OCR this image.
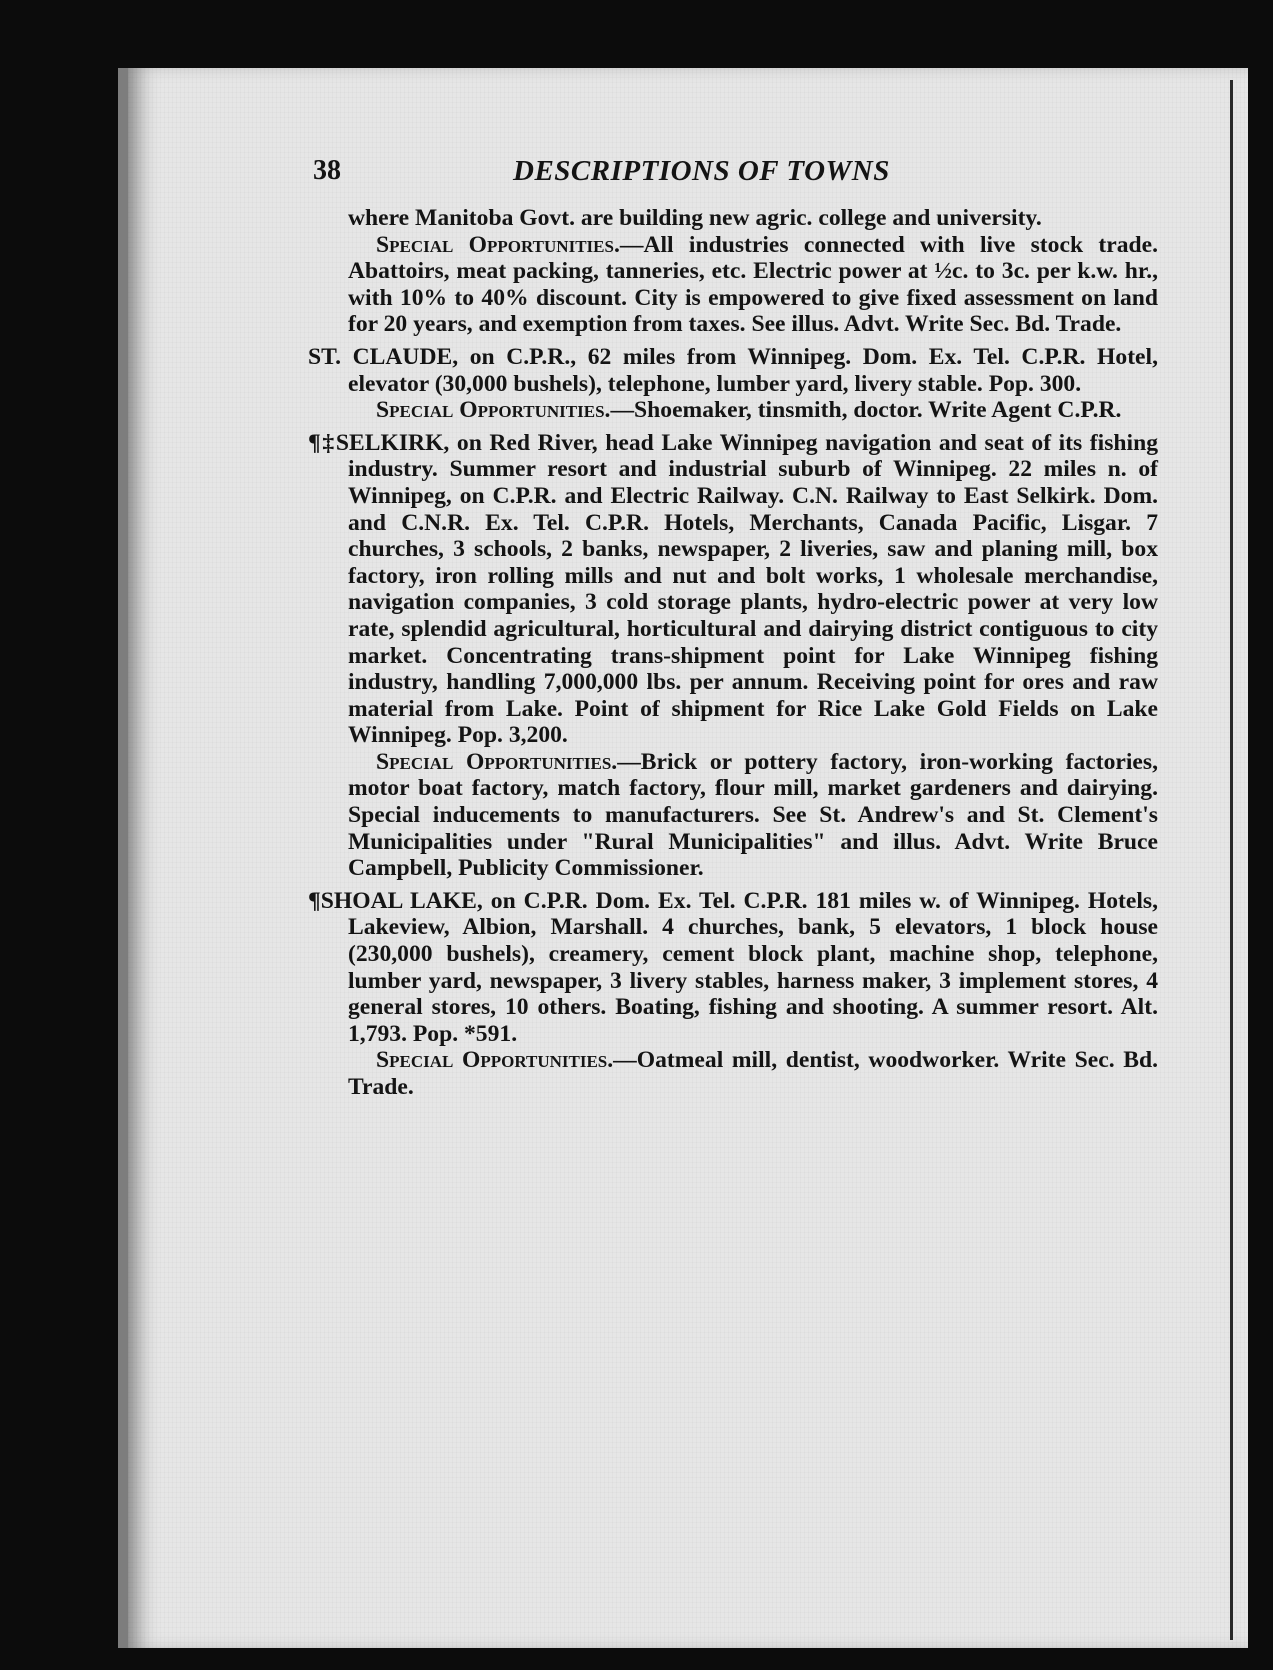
38	DESCRIPTIONS OF TOWNS

where Manitoba Govt. are building new agric. college and university.

Special Opportunities.—All industries connected with live stock trade. Abattoirs, meat packing, tanneries, etc. Electric power at ½c. to 3c. per k.w. hr., with 10% to 40% discount. City is empowered to give fixed assessment on land for 20 years, and exemption from taxes. See illus. Advt. Write Sec. Bd. Trade.

ST. CLAUDE, on C.P.R., 62 miles from Winnipeg. Dom. Ex. Tel. C.P.R. Hotel, elevator (30,000 bushels), telephone, lumber yard, livery stable. Pop. 300.

Special Opportunities.—Shoemaker, tinsmith, doctor. Write Agent C.P.R.

¶‡SELKIRK, on Red River, head Lake Winnipeg navigation and seat of its fishing industry. Summer resort and industrial suburb of Winnipeg. 22 miles n. of Winnipeg, on C.P.R. and Electric Railway. C.N. Railway to East Selkirk. Dom. and C.N.R. Ex. Tel. C.P.R. Hotels, Merchants, Canada Pacific, Lisgar. 7 churches, 3 schools, 2 banks, newspaper, 2 liveries, saw and planing mill, box factory, iron rolling mills and nut and bolt works, 1 wholesale merchandise, navigation companies, 3 cold storage plants, hydro-electric power at very low rate, splendid agricultural, horticultural and dairying district contiguous to city market. Concentrating trans-shipment point for Lake Winnipeg fishing industry, handling 7,000,000 lbs. per annum. Receiving point for ores and raw material from Lake. Point of shipment for Rice Lake Gold Fields on Lake Winnipeg. Pop. 3,200.

Special Opportunities.—Brick or pottery factory, iron-working factories, motor boat factory, match factory, flour mill, market gardeners and dairying. Special inducements to manufacturers. See St. Andrew's and St. Clement's Municipalities under "Rural Municipalities" and illus. Advt. Write Bruce Campbell, Publicity Commissioner.

¶SHOAL LAKE, on C.P.R. Dom. Ex. Tel. C.P.R. 181 miles w. of Winnipeg. Hotels, Lakeview, Albion, Marshall. 4 churches, bank, 5 elevators, 1 block house (230,000 bushels), creamery, cement block plant, machine shop, telephone, lumber yard, newspaper, 3 livery stables, harness maker, 3 implement stores, 4 general stores, 10 others. Boating, fishing and shooting. A summer resort. Alt. 1,793. Pop. *591.

Special Opportunities.—Oatmeal mill, dentist, woodworker. Write Sec. Bd. Trade.
